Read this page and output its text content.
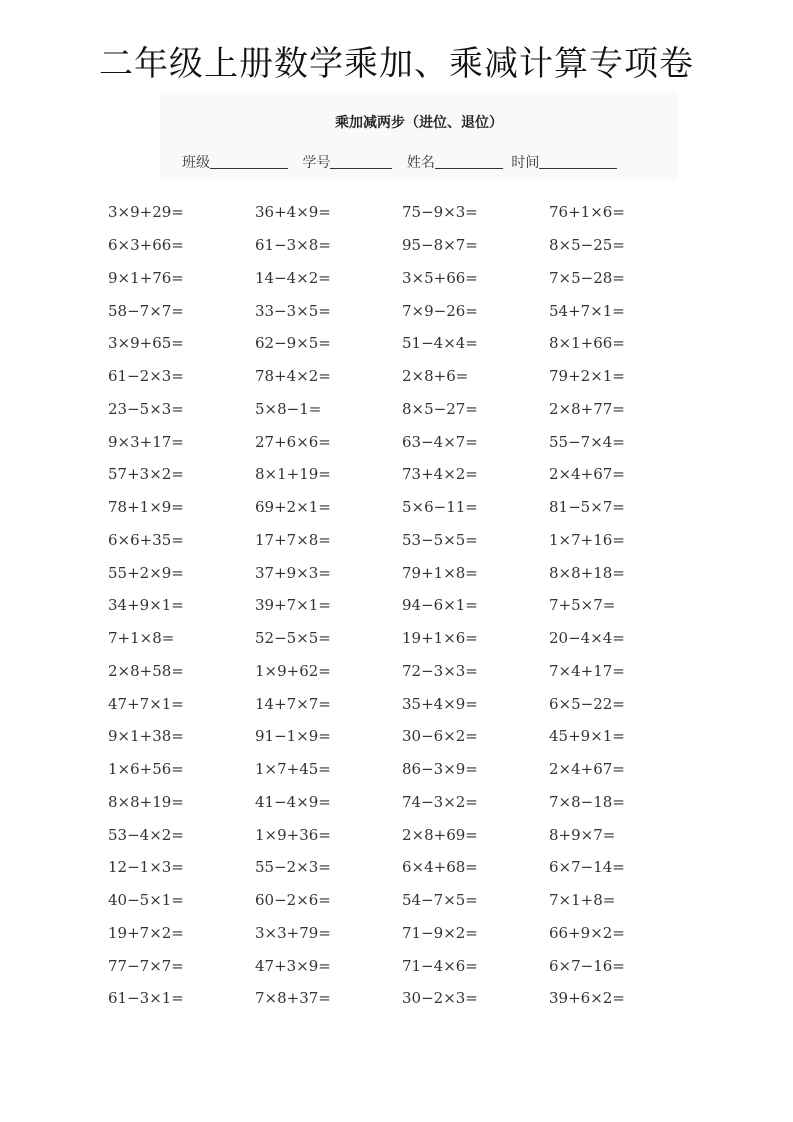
二年级上册数学乘加、乘减计算专项卷
乘加减两步（进位、退位）
班级	学号	姓名	时间
3×9+29=	36+4×9=	75−9×3=	76+1×6=
6×3+66=	61−3×8=	95−8×7=	8×5−25=
9×1+76=	14−4×2=	3×5+66=	7×5−28=
58−7×7=	33−3×5=	7×9−26=	54+7×1=
3×9+65=	62−9×5=	51−4×4=	8×1+66=
61−2×3=	78+4×2=	2×8+6=	79+2×1=
23−5×3=	5×8−1=	8×5−27=	2×8+77=
9×3+17=	27+6×6=	63−4×7=	55−7×4=
57+3×2=	8×1+19=	73+4×2=	2×4+67=
78+1×9=	69+2×1=	5×6−11=	81−5×7=
6×6+35=	17+7×8=	53−5×5=	1×7+16=
55+2×9=	37+9×3=	79+1×8=	8×8+18=
34+9×1=	39+7×1=	94−6×1=	7+5×7=
7+1×8=	52−5×5=	19+1×6=	20−4×4=
2×8+58=	1×9+62=	72−3×3=	7×4+17=
47+7×1=	14+7×7=	35+4×9=	6×5−22=
9×1+38=	91−1×9=	30−6×2=	45+9×1=
1×6+56=	1×7+45=	86−3×9=	2×4+67=
8×8+19=	41−4×9=	74−3×2=	7×8−18=
53−4×2=	1×9+36=	2×8+69=	8+9×7=
12−1×3=	55−2×3=	6×4+68=	6×7−14=
40−5×1=	60−2×6=	54−7×5=	7×1+8=
19+7×2=	3×3+79=	71−9×2=	66+9×2=
77−7×7=	47+3×9=	71−4×6=	6×7−16=
61−3×1=	7×8+37=	30−2×3=	39+6×2=
